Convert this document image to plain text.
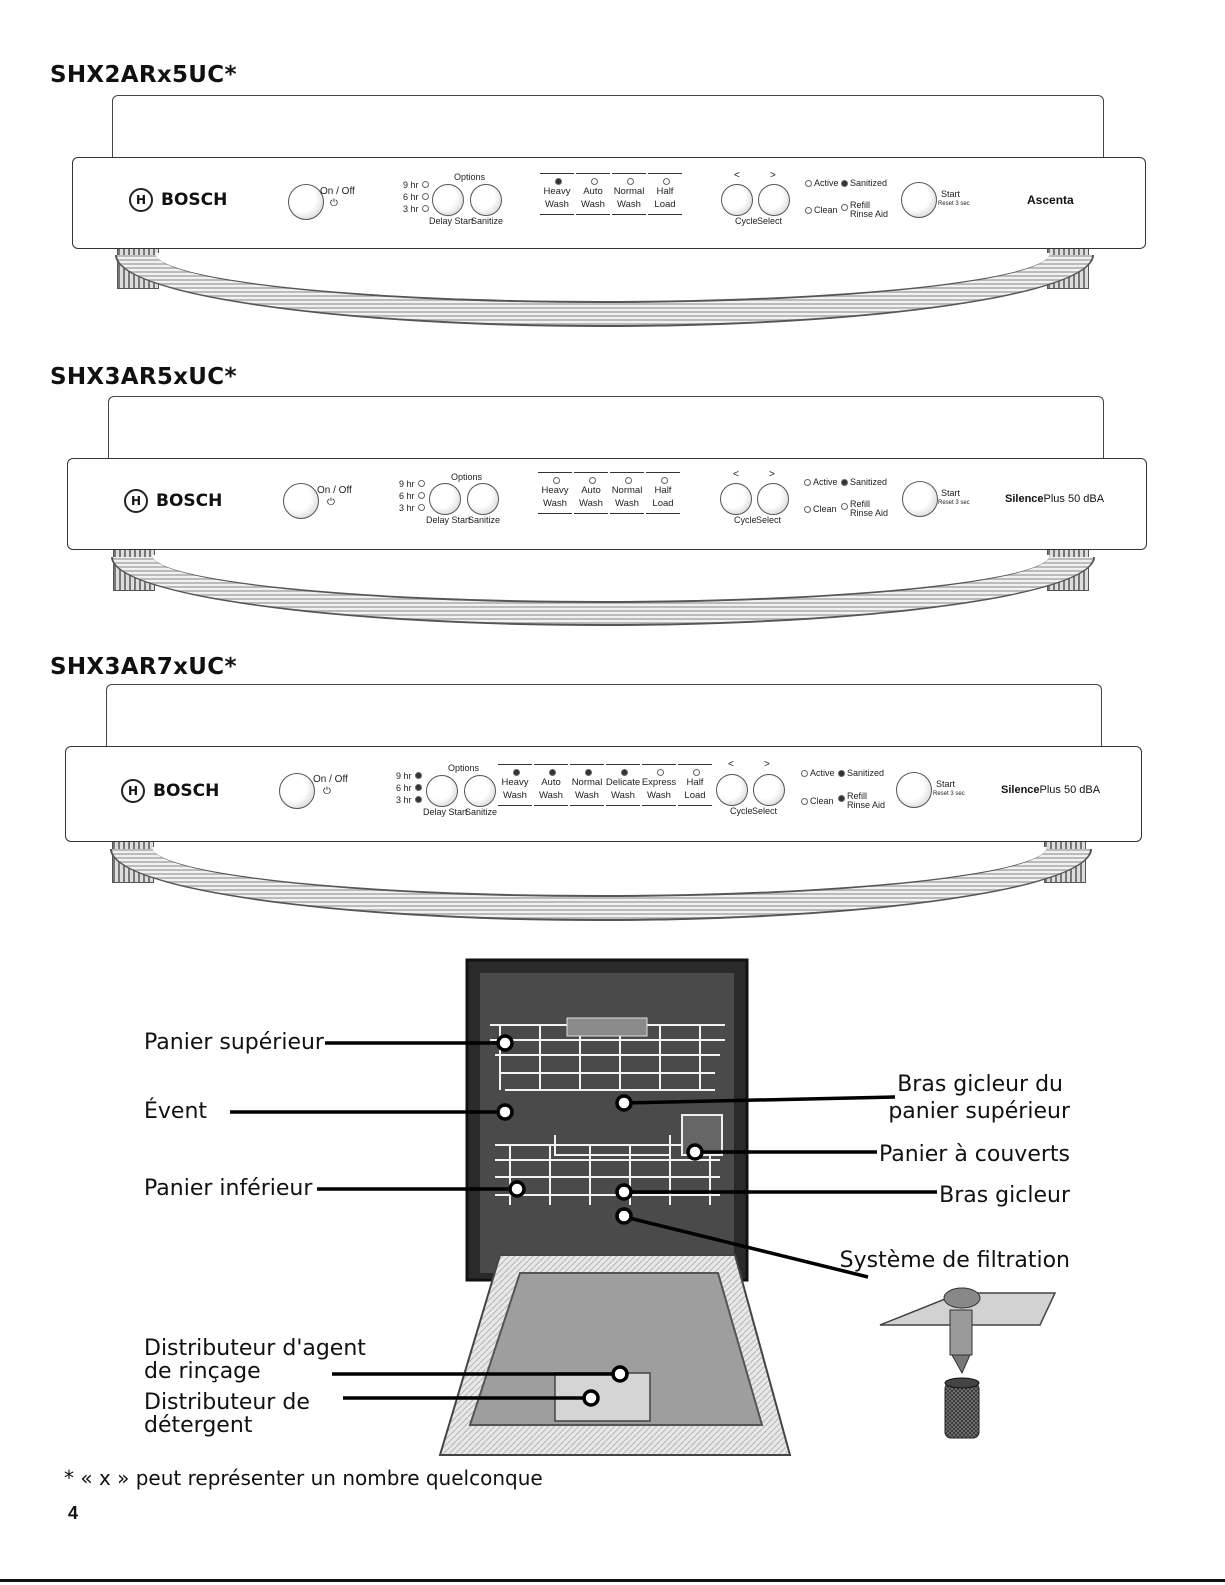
SHX2ARx5UC*
H BOSCH	On / Off
⏻
9 hr
6 hr
3 hr
Options
Delay Start
Sanitize
<	>
Cycle Select
Active Sanitized
Clean Refill
Rinse Aid
Start
Reset 3 sec	Ascenta
Heavy
Wash
Auto
Wash
Normal
Wash
Half
Load
SHX3AR5xUC*
H BOSCH
On / Off
⏻
9 hr
6 hr
3 hr
Options
Delay Start
Sanitize
<	>
Cycle Select
Active Sanitized
Clean Refill
Rinse Aid
Start
Reset 3 sec	SilencePlus 50 dBA
Heavy
Wash
Auto
Wash
Normal
Wash
Half
Load
SHX3AR7xUC*
H BOSCH
On / Off
⏻
9 hr
6 hr
3 hr
Options
Delay Start
Sanitize
<	>
Cycle Select
Active Sanitized
Clean Refill
Rinse Aid
Start
Reset 3 sec	SilencePlus 50 dBA
Heavy
Wash
Auto
Wash
Normal
Wash
Delicate
Wash
Express
Wash
Half
Load
Panier supérieur
Évent
Panier inférieur
Distributeur d'agent
de rinçage
Distributeur de
détergent
Bras gicleur du
panier supérieur
Panier à couverts
Bras gicleur
Système de filtration
* « x » peut représenter un nombre quelconque
4
